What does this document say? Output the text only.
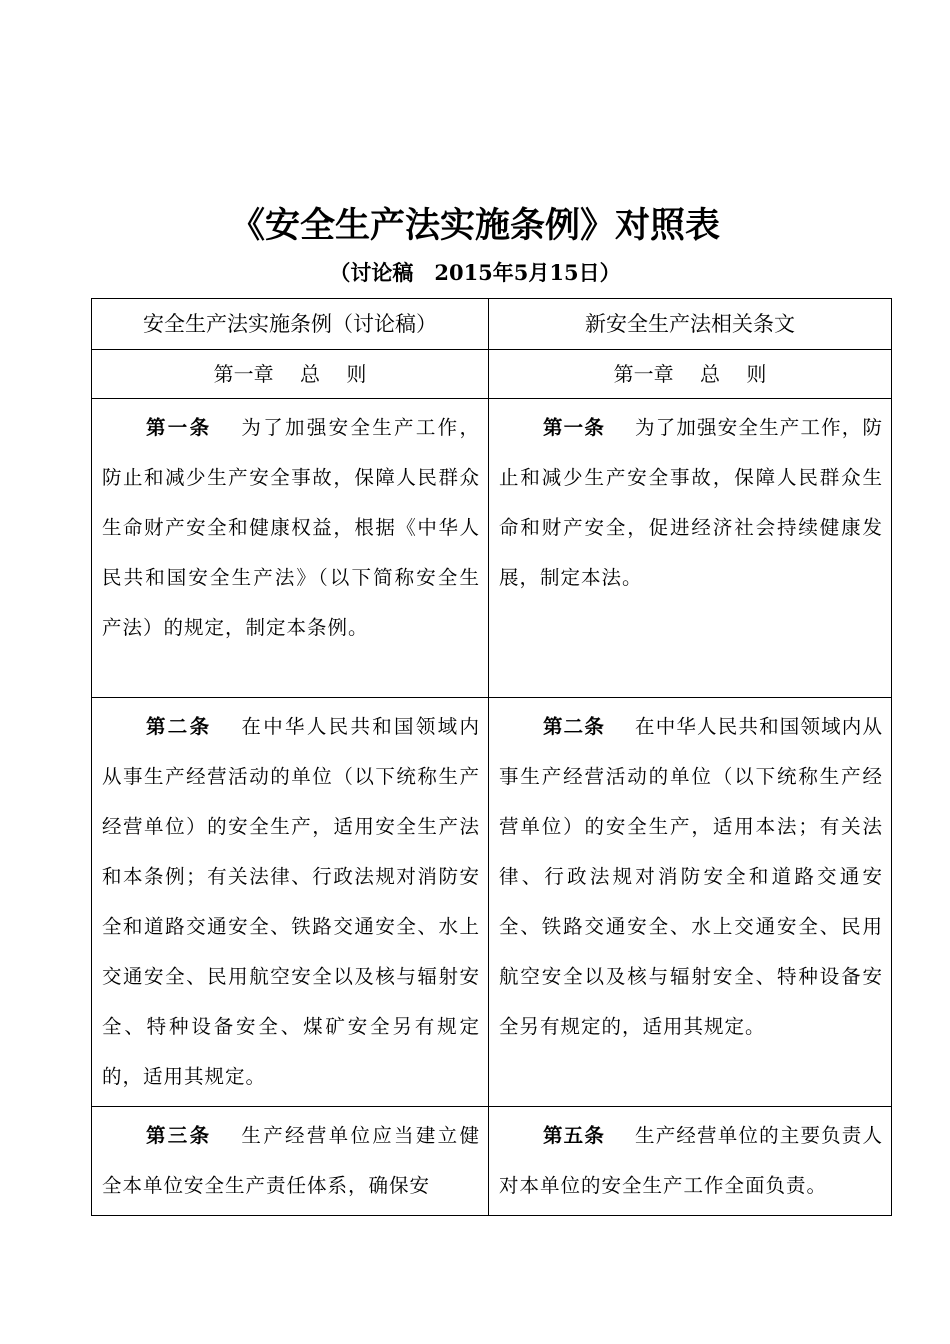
《安全生产法实施条例》对照表
（讨论稿　2015年5月15日）
安全生产法实施条例（讨论稿）	新安全生产法相关条文

第一章　 总　 则	第一章　 总　 则

第一条 为了加强安全生产工作，防止和减少生产安全事故，保障人民群众生命财产安全和健康权益，根据《中华人民共和国安全生产法》（以下简称安全生产法）的规定，制定本条例。	第一条 为了加强安全生产工作，防止和减少生产安全事故，保障人民群众生命和财产安全，促进经济社会持续健康发展，制定本法。

第二条 在中华人民共和国领域内从事生产经营活动的单位（以下统称生产经营单位）的安全生产，适用安全生产法和本条例；有关法律、行政法规对消防安全和道路交通安全、铁路交通安全、水上交通安全、民用航空安全以及核与辐射安全、特种设备安全、煤矿安全另有规定的，适用其规定。	第二条 在中华人民共和国领域内从事生产经营活动的单位（以下统称生产经营单位）的安全生产，适用本法；有关法律、行政法规对消防安全和道路交通安全、铁路交通安全、水上交通安全、民用航空安全以及核与辐射安全、特种设备安全另有规定的，适用其规定。

第三条 生产经营单位应当建立健全本单位安全生产责任体系，确保安	第五条 生产经营单位的主要负责人对本单位的安全生产工作全面负责。
